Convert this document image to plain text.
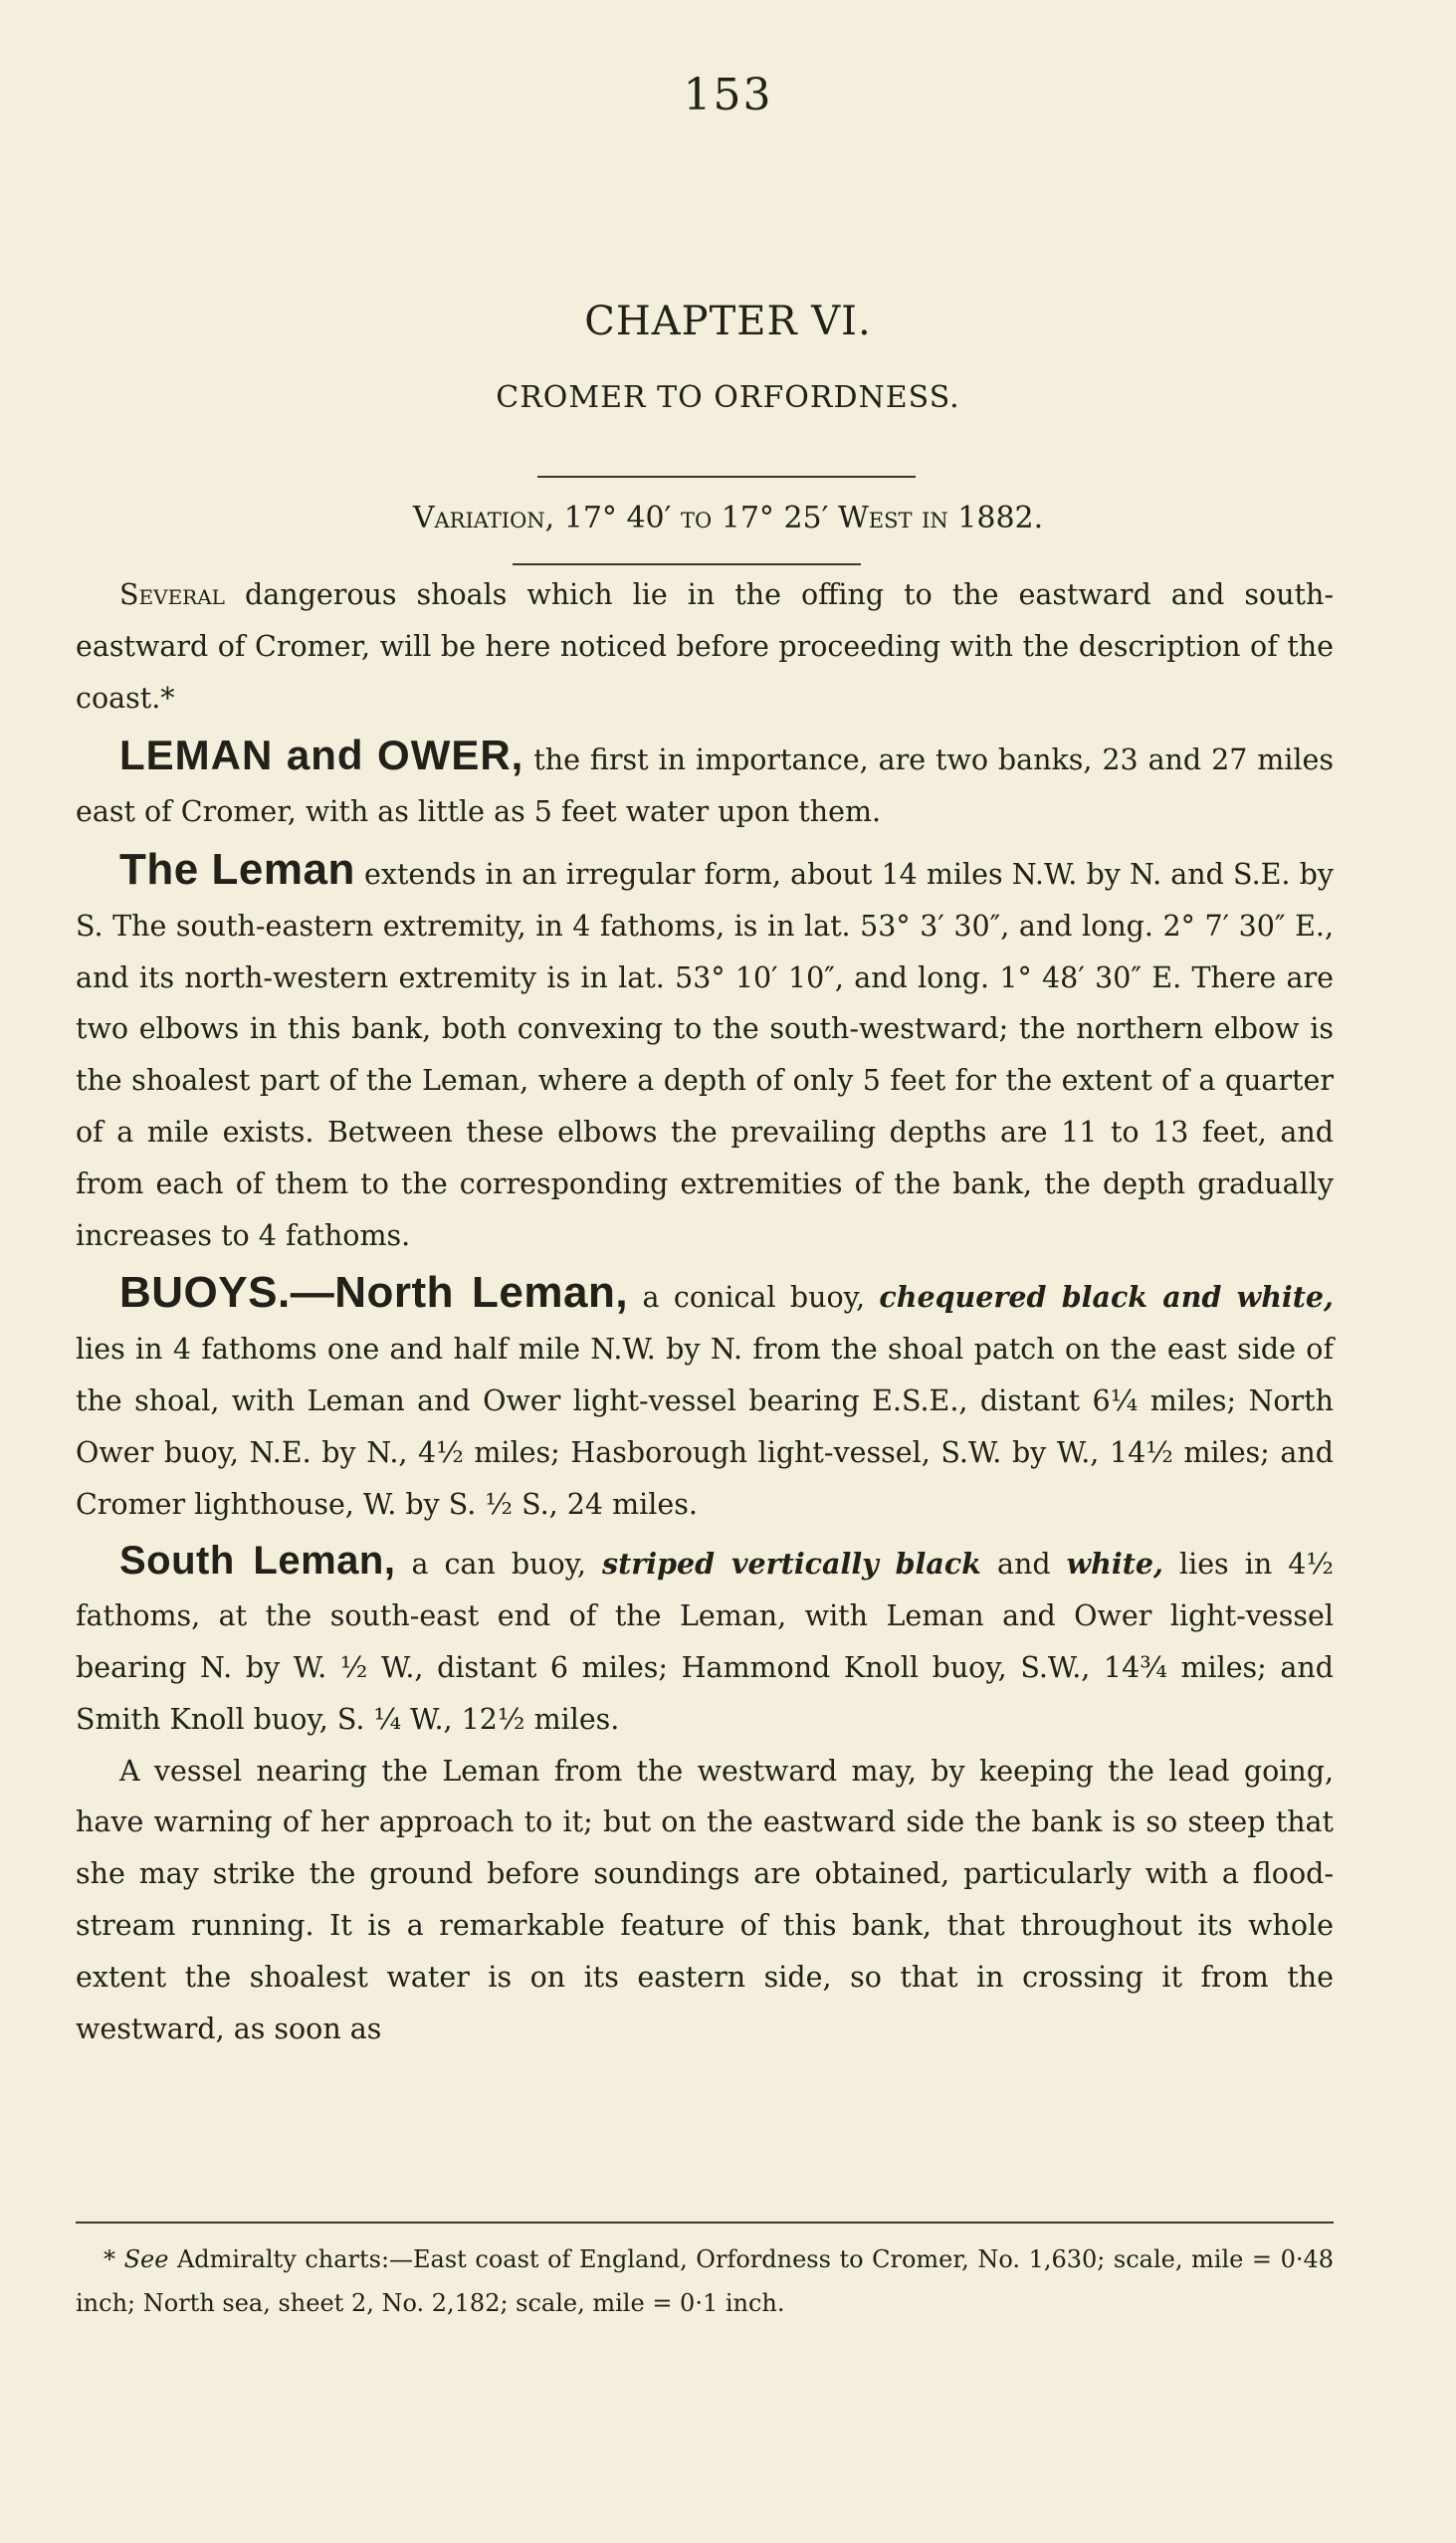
153
CHAPTER VI.
CROMER TO ORFORDNESS.
Variation, 17° 40′ to 17° 25′ West in 1882.

Several dangerous shoals which lie in the offing to the eastward and south-eastward of Cromer, will be here noticed before proceeding with the description of the coast.*

LEMAN and OWER, the first in importance, are two banks, 23 and 27 miles east of Cromer, with as little as 5 feet water upon them.

The Leman extends in an irregular form, about 14 miles N.W. by N. and S.E. by S. The south-eastern extremity, in 4 fathoms, is in lat. 53° 3′ 30″, and long. 2° 7′ 30″ E., and its north-western extremity is in lat. 53° 10′ 10″, and long. 1° 48′ 30″ E. There are two elbows in this bank, both convexing to the south-westward; the northern elbow is the shoalest part of the Leman, where a depth of only 5 feet for the extent of a quarter of a mile exists. Between these elbows the prevailing depths are 11 to 13 feet, and from each of them to the corresponding extremities of the bank, the depth gradually increases to 4 fathoms.

BUOYS.—North Leman, a conical buoy, chequered black and white, lies in 4 fathoms one and half mile N.W. by N. from the shoal patch on the east side of the shoal, with Leman and Ower light-vessel bearing E.S.E., distant 6¼ miles; North Ower buoy, N.E. by N., 4½ miles; Hasborough light-vessel, S.W. by W., 14½ miles; and Cromer lighthouse, W. by S. ½ S., 24 miles.

South Leman, a can buoy, striped vertically black and white, lies in 4½ fathoms, at the south-east end of the Leman, with Leman and Ower light-vessel bearing N. by W. ½ W., distant 6 miles; Hammond Knoll buoy, S.W., 14¾ miles; and Smith Knoll buoy, S. ¼ W., 12½ miles.

A vessel nearing the Leman from the westward may, by keeping the lead going, have warning of her approach to it; but on the eastward side the bank is so steep that she may strike the ground before soundings are obtained, particularly with a flood-stream running. It is a remarkable feature of this bank, that throughout its whole extent the shoalest water is on its eastern side, so that in crossing it from the westward, as soon as

* See Admiralty charts:—East coast of England, Orfordness to Cromer, No. 1,630; scale, mile = 0·48 inch; North sea, sheet 2, No. 2,182; scale, mile = 0·1 inch.
